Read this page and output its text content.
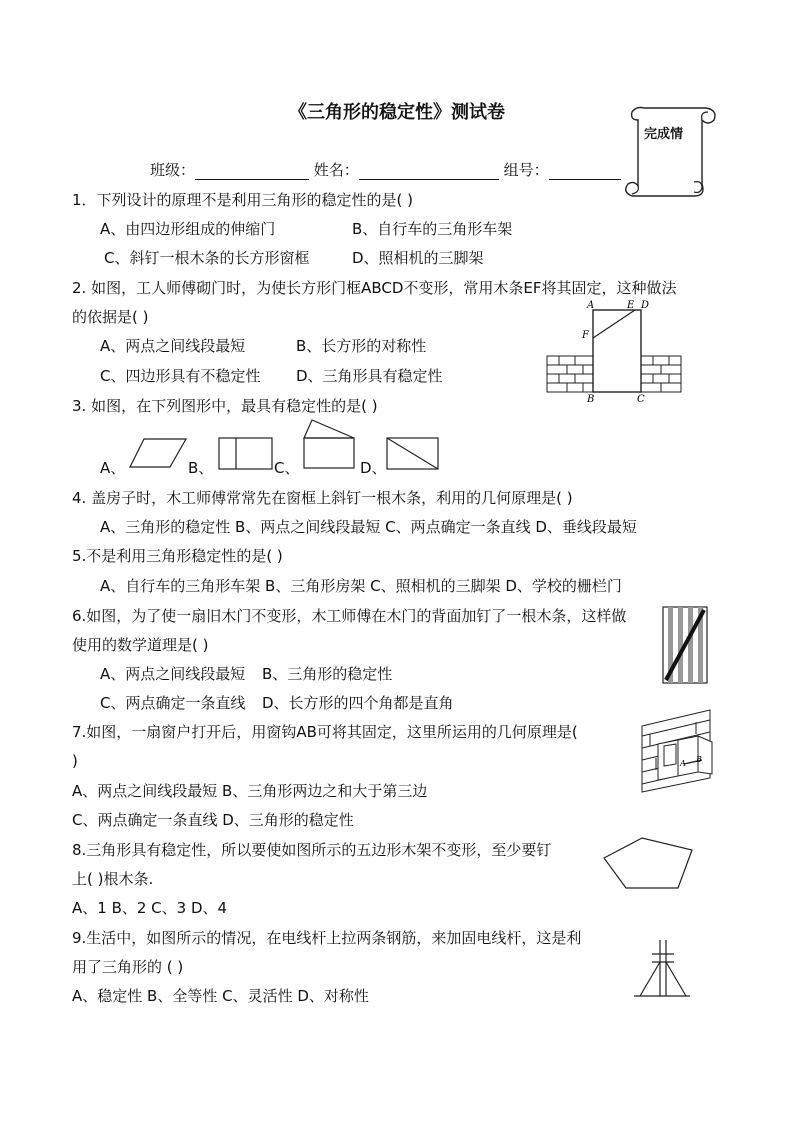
《三角形的稳定性》测试卷
完成情
班级：	姓名：	组号：
1．下列设计的原理不是利用三角形的稳定性的是( )
A、由四边形组成的伸缩门	B、自行车的三角形车架
C、斜钉一根木条的长方形窗框	D、照相机的三脚架
2. 如图，工人师傅砌门时，为使长方形门框ABCD不变形，常用木条EF将其固定，这种做法
的依据是( )
A、两点之间线段最短	B、长方形的对称性
C、四边形具有不稳定性 D、三角形具有稳定性
A	E D
F
B	C
3. 如图，在下列图形中，最具有稳定性的是( )
A、	B、	C、	D、
4. 盖房子时，木工师傅常常先在窗框上斜钉一根木条，利用的几何原理是( )
A、三角形的稳定性 B、两点之间线段最短 C、两点确定一条直线 D、垂线段最短
5.不是利用三角形稳定性的是( )
A、自行车的三角形车架 B、三角形房架 C、照相机的三脚架 D、学校的栅栏门
6.如图，为了使一扇旧木门不变形，木工师傅在木门的背面加钉了一根木条，这样做
使用的数学道理是( )
A、两点之间线段最短 B、三角形的稳定性
C、两点确定一条直线 D、长方形的四个角都是直角
7.如图，一扇窗户打开后，用窗钩AB可将其固定，这里所运用的几何原理是(
)
A、两点之间线段最短 B、三角形两边之和大于第三边
C、两点确定一条直线 D、三角形的稳定性
A B
8.三角形具有稳定性，所以要使如图所示的五边形木架不变形，至少要钉
上( )根木条.
A、1 B、2 C、3 D、4
9.生活中，如图所示的情况，在电线杆上拉两条钢筋，来加固电线杆，这是利
用了三角形的 ( )
A、稳定性 B、全等性 C、灵活性 D、对称性
